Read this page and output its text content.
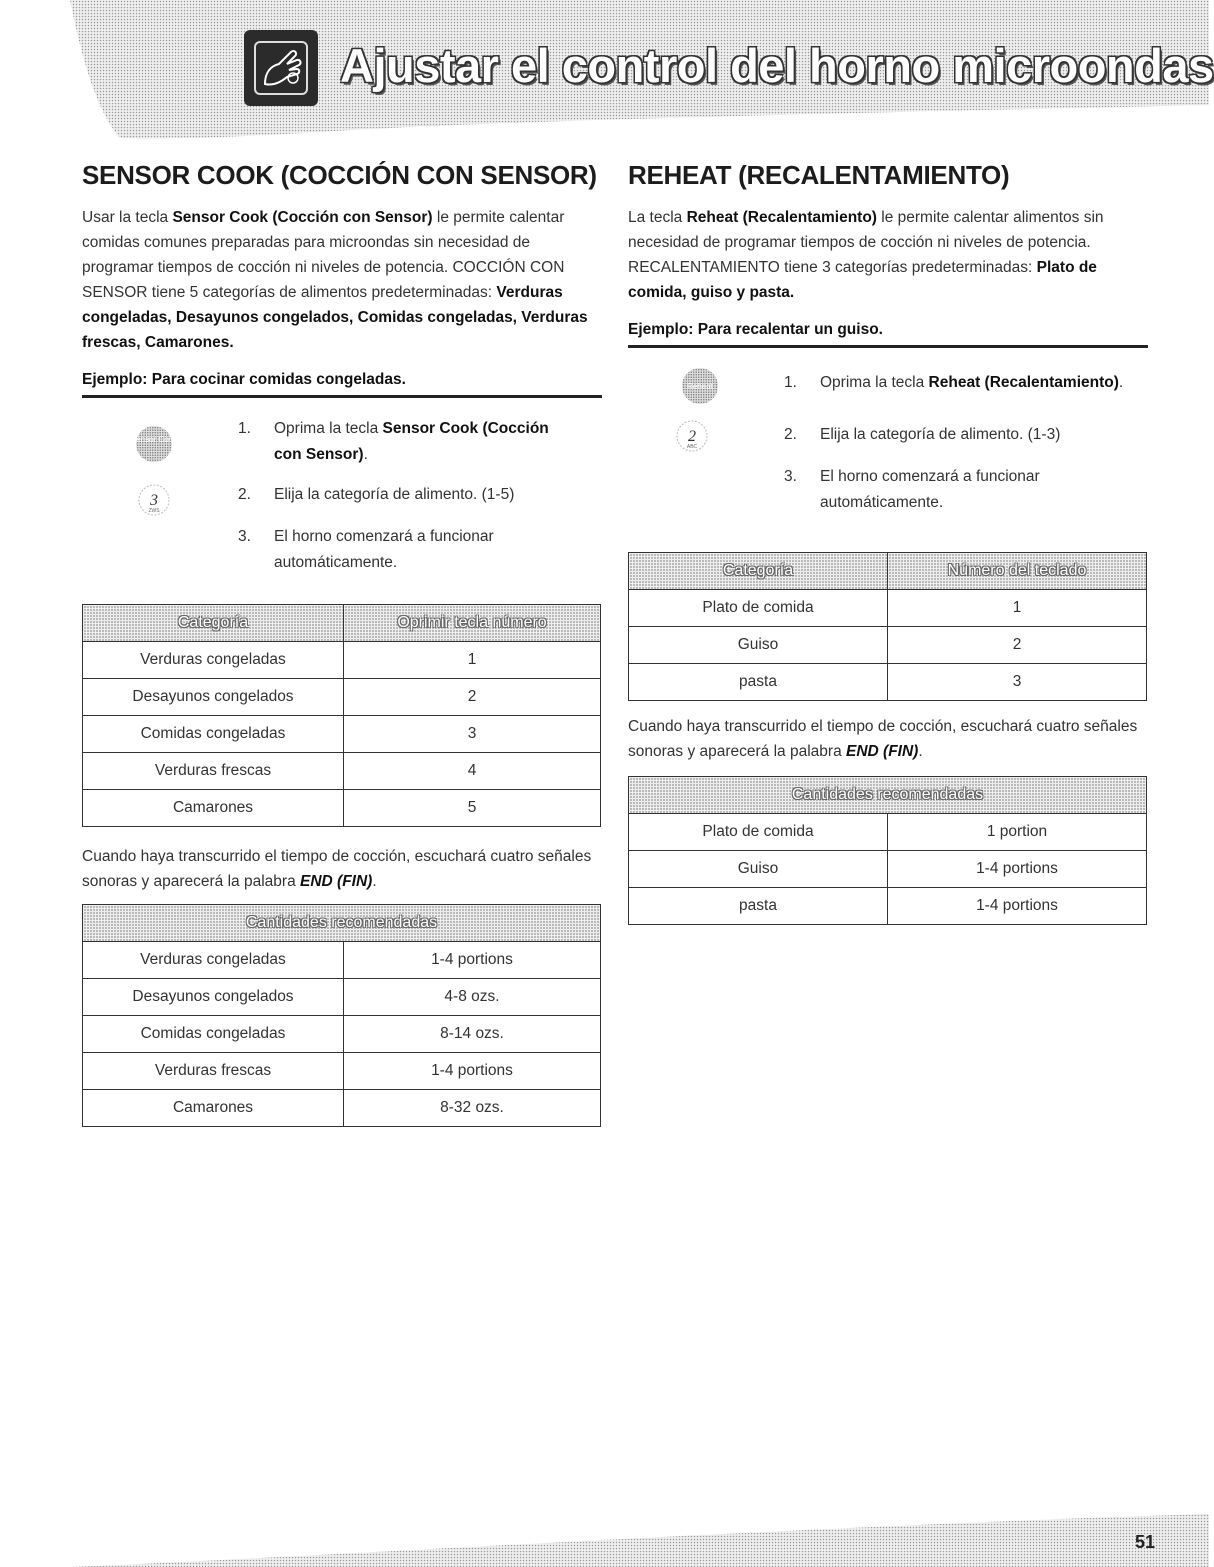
Ajustar el control del horno microondas
SENSOR COOK (COCCIÓN CON SENSOR)

Usar la tecla Sensor Cook (Cocción con Sensor) le permite calentar comidas comunes preparadas para microondas sin necesidad de programar tiempos de cocción ni niveles de potencia. COCCIÓN CON SENSOR tiene 5 categorías de alimentos predeterminadas: Verduras congeladas, Desayunos congelados, Comidas congeladas, Verduras frescas, Camarones.

Ejemplo: Para cocinar comidas congeladas.
Sensor Cook
3
ZWS
1. Oprima la tecla Sensor Cook (Cocción con Sensor).
2. Elija la categoría de alimento. (1-5)
3. El horno comenzará a funcionar automáticamente.
Categoría	Oprimir tecla número
Verduras congeladas	1
Desayunos congelados	2
Comidas congeladas	3
Verduras frescas	4
Camarones	5
Cuando haya transcurrido el tiempo de cocción, escuchará cuatro señales sonoras y aparecerá la palabra END (FIN).
Cantidades recomendadas	
Verduras congeladas	1-4 portions
Desayunos congelados	4-8 ozs.
Comidas congeladas	8-14 ozs.
Verduras frescas	1-4 portions
Camarones	8-32 ozs.
REHEAT (RECALENTAMIENTO)

La tecla Reheat (Recalentamiento) le permite calentar alimentos sin necesidad de programar tiempos de cocción ni niveles de potencia. RECALENTAMIENTO tiene 3 categorías predeterminadas: Plato de comida, guiso y pasta.

Ejemplo: Para recalentar un guiso.
Reheat
2
ABC
1. Oprima la tecla Reheat (Recalentamiento).
2. Elija la categoría de alimento. (1-3)
3. El horno comenzará a funcionar automáticamente.
Categoría	Número del teclado
Plato de comida	1
Guiso	2
pasta	3
Cuando haya transcurrido el tiempo de cocción, escuchará cuatro señales sonoras y aparecerá la palabra END (FIN).
Cantidades recomendadas	
Plato de comida	1 portion
Guiso	1-4 portions
pasta	1-4 portions
51
